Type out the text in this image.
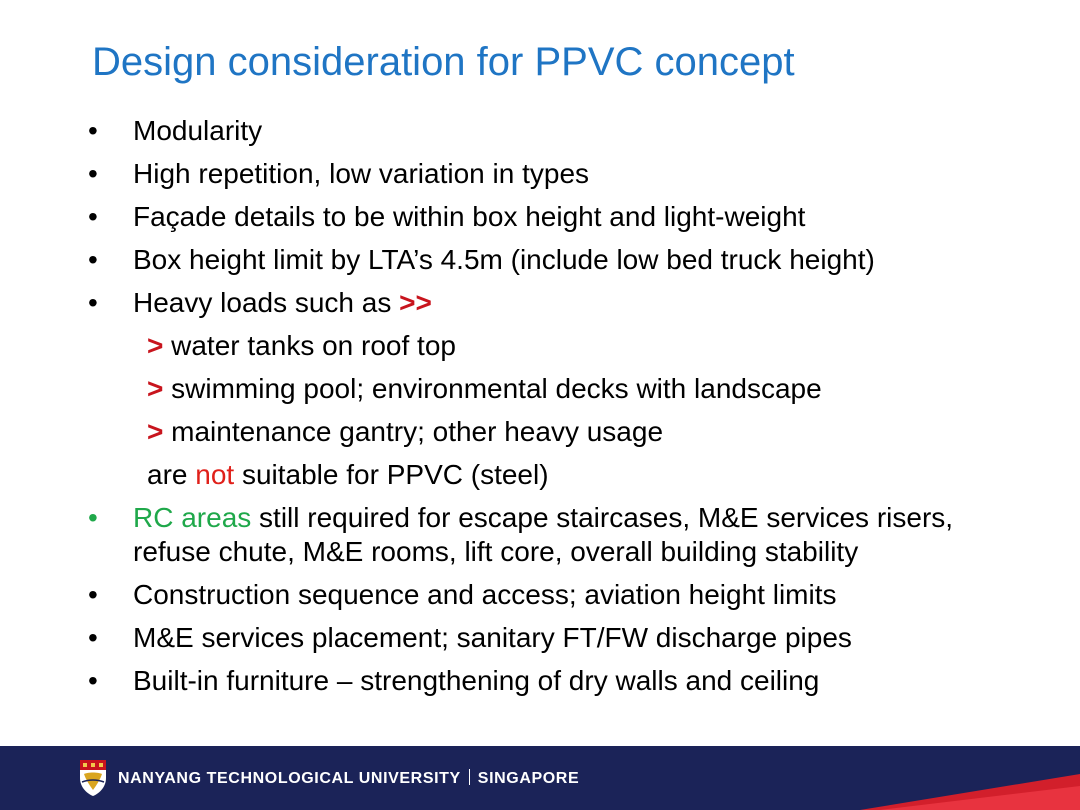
Design consideration for PPVC concept
• Modularity
• High repetition, low variation in types
• Façade details to be within box height and light-weight
• Box height limit by LTA’s 4.5m (include low bed truck height)
• Heavy loads such as >>
> water tanks on roof top
> swimming pool; environmental decks with landscape
> maintenance gantry; other heavy usage
are not suitable for PPVC (steel)
• RC areas still required for escape staircases, M&E services risers,
refuse chute, M&E rooms, lift core, overall building stability
• Construction sequence and access; aviation height limits
• M&E services placement; sanitary FT/FW discharge pipes
• Built-in furniture – strengthening of dry walls and ceiling
NANYANG TECHNOLOGICAL UNIVERSITY SINGAPORE
